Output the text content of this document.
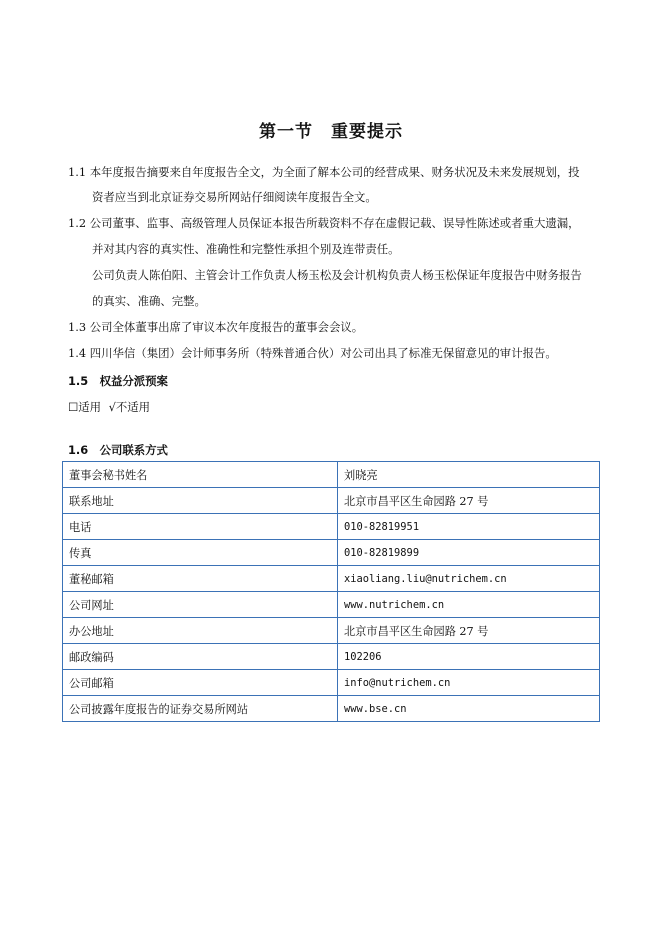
第一节　重要提示
1.1 本年度报告摘要来自年度报告全文，为全面了解本公司的经营成果、财务状况及未来发展规划，投
资者应当到北京证券交易所网站仔细阅读年度报告全文。
1.2 公司董事、监事、高级管理人员保证本报告所载资料不存在虚假记载、误导性陈述或者重大遗漏，
并对其内容的真实性、准确性和完整性承担个别及连带责任。
公司负责人陈伯阳、主管会计工作负责人杨玉松及会计机构负责人杨玉松保证年度报告中财务报告
的真实、准确、完整。
1.3 公司全体董事出席了审议本次年度报告的董事会会议。
1.4 四川华信（集团）会计师事务所（特殊普通合伙）对公司出具了标准无保留意见的审计报告。
1.5　权益分派预案
☐适用 √不适用
1.6　公司联系方式
董事会秘书姓名	刘晓亮
联系地址	北京市昌平区生命园路 27 号
电话	010-82819951
传真	010-82819899
董秘邮箱	xiaoliang.liu@nutrichem.cn
公司网址	www.nutrichem.cn
办公地址	北京市昌平区生命园路 27 号
邮政编码	102206
公司邮箱	info@nutrichem.cn
公司披露年度报告的证券交易所网站	www.bse.cn
